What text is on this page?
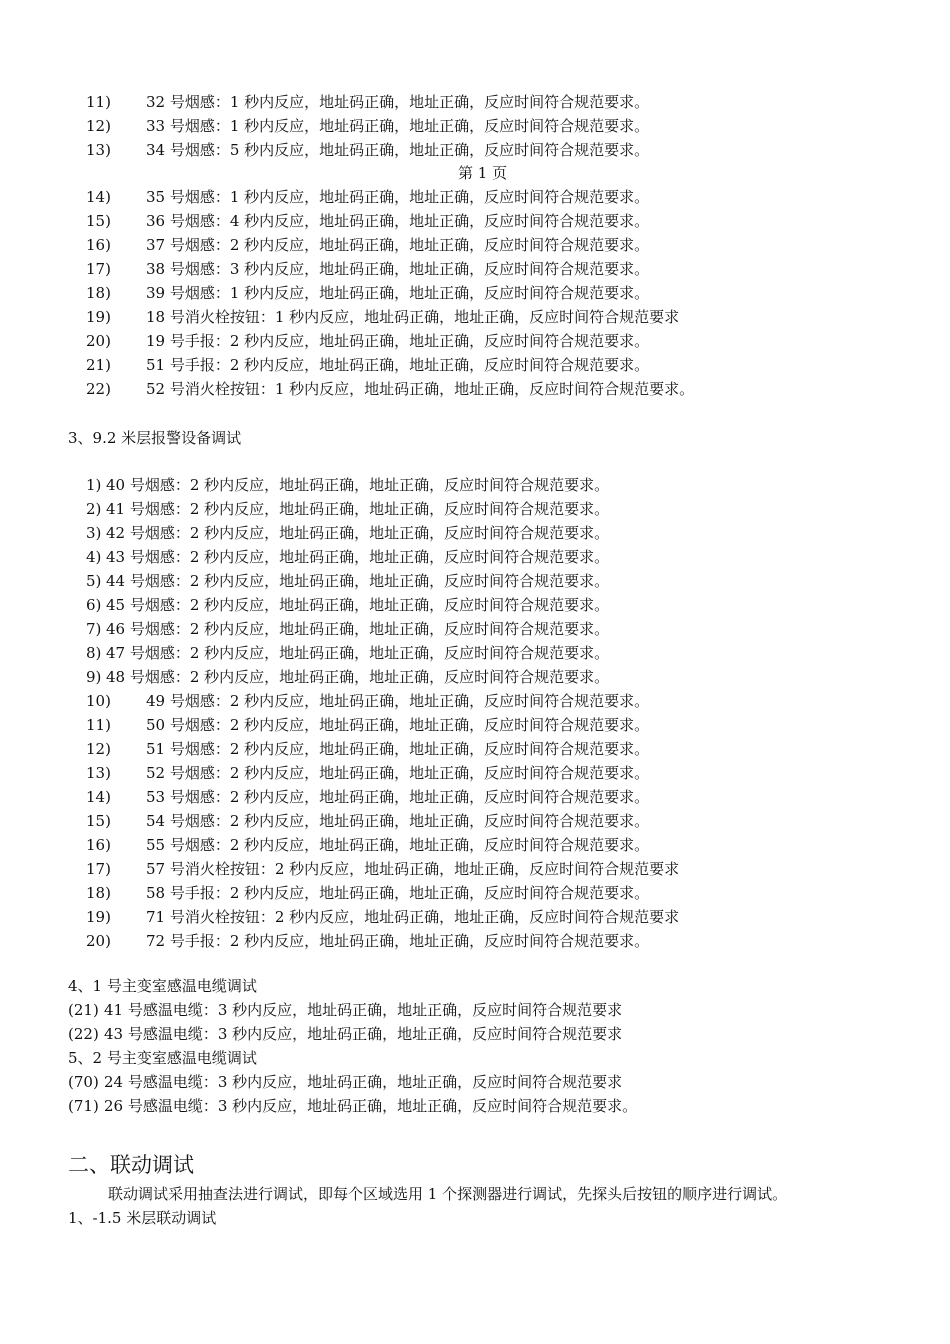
11) 32 号烟感：1 秒内反应，地址码正确，地址正确，反应时间符合规范要求。
12) 33 号烟感：1 秒内反应，地址码正确，地址正确，反应时间符合规范要求。
13) 34 号烟感：5 秒内反应，地址码正确，地址正确，反应时间符合规范要求。
第 1 页
14) 35 号烟感：1 秒内反应，地址码正确，地址正确，反应时间符合规范要求。
15) 36 号烟感：4 秒内反应，地址码正确，地址正确，反应时间符合规范要求。
16) 37 号烟感：2 秒内反应，地址码正确，地址正确，反应时间符合规范要求。
17) 38 号烟感：3 秒内反应，地址码正确，地址正确，反应时间符合规范要求。
18) 39 号烟感：1 秒内反应，地址码正确，地址正确，反应时间符合规范要求。
19) 18 号消火栓按钮：1 秒内反应，地址码正确，地址正确，反应时间符合规范要求
20) 19 号手报：2 秒内反应，地址码正确，地址正确，反应时间符合规范要求。
21) 51 号手报：2 秒内反应，地址码正确，地址正确，反应时间符合规范要求。
22) 52 号消火栓按钮：1 秒内反应，地址码正确，地址正确，反应时间符合规范要求。
3、9.2 米层报警设备调试
1) 40 号烟感：2 秒内反应，地址码正确，地址正确，反应时间符合规范要求。
2) 41 号烟感：2 秒内反应，地址码正确，地址正确，反应时间符合规范要求。
3) 42 号烟感：2 秒内反应，地址码正确，地址正确，反应时间符合规范要求。
4) 43 号烟感：2 秒内反应，地址码正确，地址正确，反应时间符合规范要求。
5) 44 号烟感：2 秒内反应，地址码正确，地址正确，反应时间符合规范要求。
6) 45 号烟感：2 秒内反应，地址码正确，地址正确，反应时间符合规范要求。
7) 46 号烟感：2 秒内反应，地址码正确，地址正确，反应时间符合规范要求。
8) 47 号烟感：2 秒内反应，地址码正确，地址正确，反应时间符合规范要求。
9) 48 号烟感：2 秒内反应，地址码正确，地址正确，反应时间符合规范要求。
10) 49 号烟感：2 秒内反应，地址码正确，地址正确，反应时间符合规范要求。
11) 50 号烟感：2 秒内反应，地址码正确，地址正确，反应时间符合规范要求。
12) 51 号烟感：2 秒内反应，地址码正确，地址正确，反应时间符合规范要求。
13) 52 号烟感：2 秒内反应，地址码正确，地址正确，反应时间符合规范要求。
14) 53 号烟感：2 秒内反应，地址码正确，地址正确，反应时间符合规范要求。
15) 54 号烟感：2 秒内反应，地址码正确，地址正确，反应时间符合规范要求。
16) 55 号烟感：2 秒内反应，地址码正确，地址正确，反应时间符合规范要求。
17) 57 号消火栓按钮：2 秒内反应，地址码正确，地址正确，反应时间符合规范要求
18) 58 号手报：2 秒内反应，地址码正确，地址正确，反应时间符合规范要求。
19) 71 号消火栓按钮：2 秒内反应，地址码正确，地址正确，反应时间符合规范要求
20) 72 号手报：2 秒内反应，地址码正确，地址正确，反应时间符合规范要求。
4、1 号主变室感温电缆调试
(21) 41 号感温电缆：3 秒内反应，地址码正确，地址正确，反应时间符合规范要求
(22) 43 号感温电缆：3 秒内反应，地址码正确，地址正确，反应时间符合规范要求
5、2 号主变室感温电缆调试
(70) 24 号感温电缆：3 秒内反应，地址码正确，地址正确，反应时间符合规范要求
(71) 26 号感温电缆：3 秒内反应，地址码正确，地址正确，反应时间符合规范要求。
二、联动调试
联动调试采用抽查法进行调试，即每个区域选用 1 个探测器进行调试，先探头后按钮的顺序进行调试。
1、-1.5 米层联动调试
